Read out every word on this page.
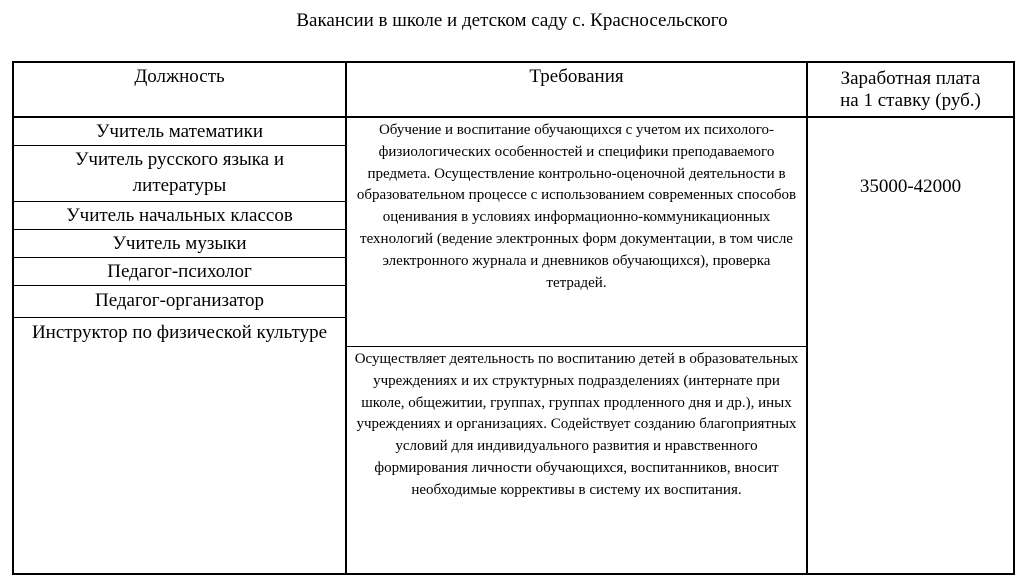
Вакансии в школе и детском саду с. Красносельского
Должность	Требования	Заработная плата
на 1 ставку (руб.)
Учитель математики
Учитель русского языка и литературы
Учитель начальных классов
Учитель музыки
Педагог-психолог
Педагог-организатор
Инструктор по физической культуре
Обучение и воспитание обучающихся с учетом их психолого-физиологических особенностей и специфики преподаваемого предмета. Осуществление контрольно-оценочной деятельности в образовательном процессе с использованием современных способов оценивания в условиях информационно-коммуникационных технологий (ведение электронных форм документации, в том числе электронного журнала и дневников обучающихся), проверка тетрадей.
Осуществляет деятельность по воспитанию детей в образовательных учреждениях и их структурных подразделениях (интернате при школе, общежитии, группах, группах продленного дня и др.), иных учреждениях и организациях. Содействует созданию благоприятных условий для индивидуального развития и нравственного формирования личности обучающихся, воспитанников, вносит необходимые коррективы в систему их воспитания.
35000-42000
